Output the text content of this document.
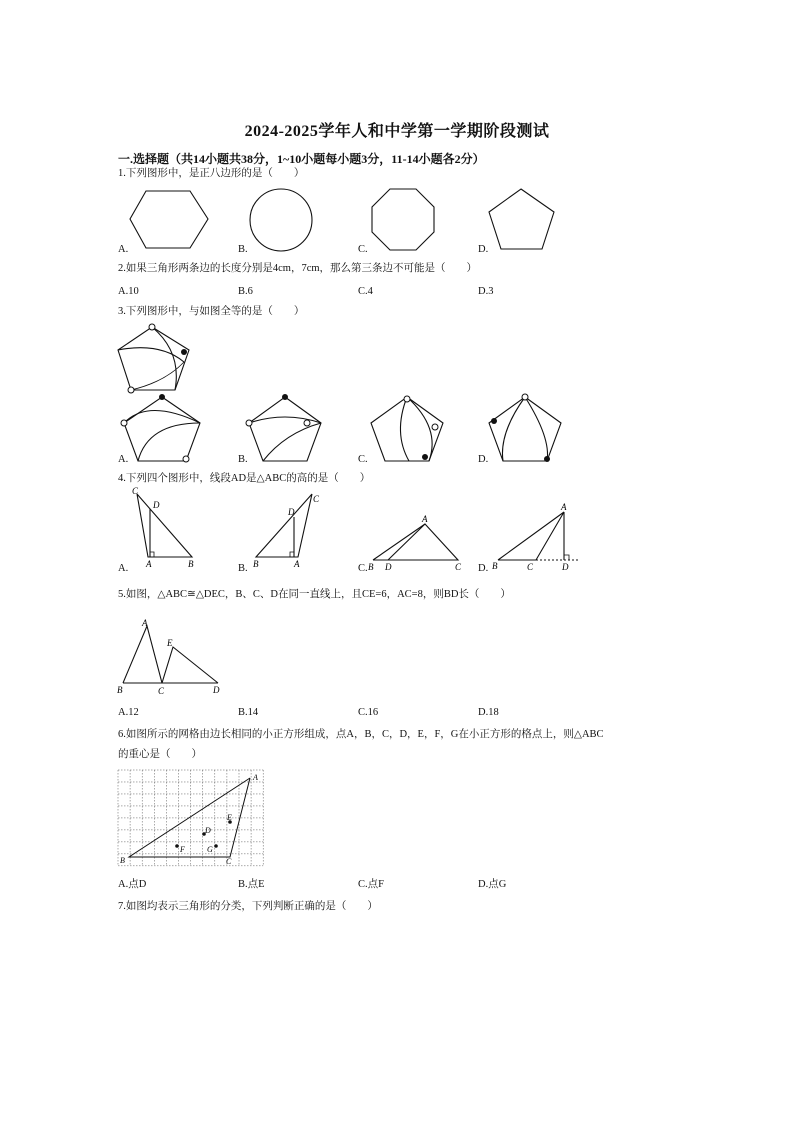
2024-2025学年人和中学第一学期阶段测试
一.选择题（共14小题共38分，1~10小题每小题3分，11-14小题各2分）
1.下列图形中，是正八边形的是（　　）
A.	B.	C.	D.
2.如果三角形两条边的长度分别是4cm，7cm，那么第三条边不可能是（　　）
A.10	B.6	C.4	D.3
3.下列图形中，与如图全等的是（　　）
A.	B.	C.	D.
4.下列四个图形中，线段AD是△ABC的高的是（　　）
C
D
A	B
C
D
B	A
A
B D	C
A
B	C	D
A.	B.	C.	D.
5.如图，△ABC≅△DEC，B、C、D在同一直线上，且CE=6，AC=8，则BD长（　　）
A
E
B	C	D
A.12	B.14	C.16	D.18
6.如图所示的网格由边长相同的小正方形组成，点A，B，C，D，E，F，G在小正方形的格点上，则△ABC
的重心是（　　）
A
B	C
D
E
F	G
A.点D	B.点E	C.点F	D.点G
7.如图均表示三角形的分类，下列判断正确的是（　　）
